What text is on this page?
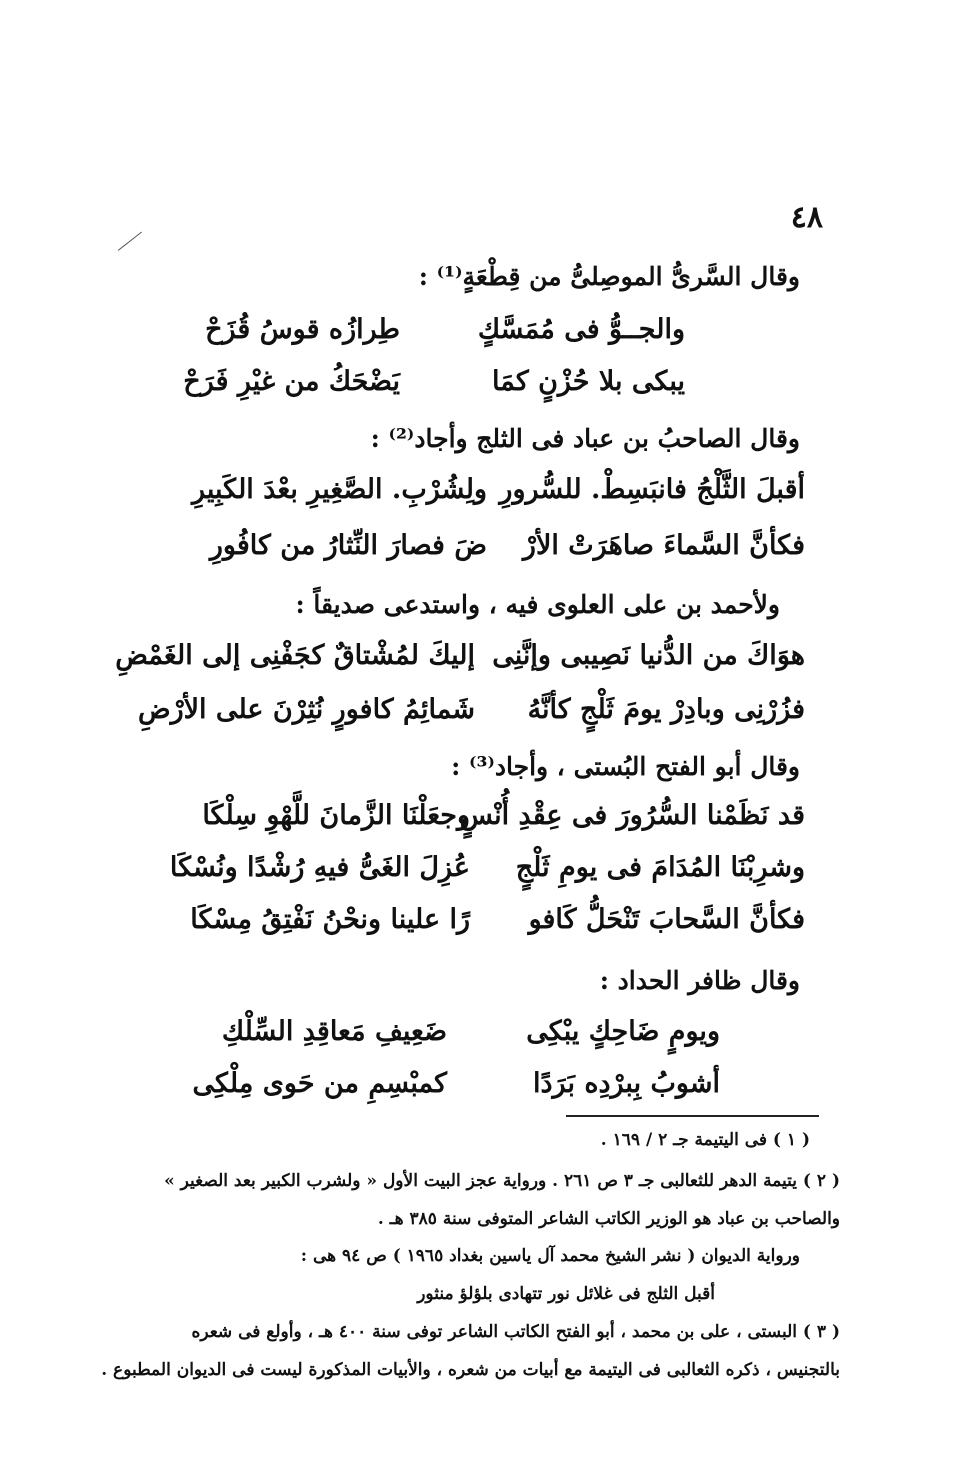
٤٨
وقال السَّرىُّ الموصِلىُّ من قِطْعَةٍ⁽¹⁾ :
والجــوُّ فى مُمَسَّكٍ
طِرازُه قوسُ قُزَحْ
يبكى بلا حُزْنٍ كمَا
يَضْحَكُ من غيْرِ فَرَحْ
وقال الصاحبُ بن عباد فى الثلج وأجاد⁽²⁾ :
أقبلَ الثَّلْجُ فانبَسِطْ. للسُّرورِ
ولِشُرْبِ. الصَّغِيرِ بعْدَ الكَبِيرِ
فكأنَّ السَّماءَ صاهَرَتْ الأرْ
ضَ فصارَ النِّثارُ من كافُورِ
ولأحمد بن على العلوى فيه ، واستدعى صديقاً :
هوَاكَ من الدُّنيا نَصِيبى وإنَّنِى
إليكَ لمُشْتاقٌ كجَفْنِى إلى الغَمْضِ
فزُرْنِى وبادِرْ يومَ ثَلْجٍ كأنَّهُ
شَمائِمُ كافورٍ نُثِرْنَ على الأرْضِ
وقال أبو الفتح البُستى ، وأجاد⁽³⁾ :
قد نَظَمْنا السُّرُورَ فى عِقْدِ أُنْسٍ
وجعَلْنَا الزَّمانَ للَّهْوِ سِلْكَا
وشرِبْنَا المُدَامَ فى يومِ ثَلْجٍ
عُزِلَ الغَىُّ فيهِ رُشْدًا ونُسْكَا
فكأنَّ السَّحابَ تَنْحَلُّ كَافو
رًا علينا ونحْنُ نَفْتِقُ مِسْكَا
وقال ظافر الحداد :
ويومٍ ضَاحِكٍ يبْكِى
ضَعِيفِ مَعاقِدِ السِّلْكِ
أشوبُ بِبرْدِه بَرَدًا
كمبْسِمِ من حَوى مِلْكِى
( ١ ) فى اليتيمة جـ ٢ / ١٦٩ .
( ٢ ) يتيمة الدهر للثعالبى جـ ٣ ص ٢٦١ . ورواية عجز البيت الأول « ولشرب الكبير بعد الصغير »
والصاحب بن عباد هو الوزير الكاتب الشاعر المتوفى سنة ٣٨٥ هـ .
ورواية الديوان ( نشر الشيخ محمد آل ياسين بغداد ١٩٦٥ ) ص ٩٤ هى :
أقبل الثلج فى غلائل نور تتهادى بلؤلؤ منثور
( ٣ ) البستى ، على بن محمد ، أبو الفتح الكاتب الشاعر توفى سنة ٤٠٠ هـ ، وأولع فى شعره
بالتجنيس ، ذكره الثعالبى فى اليتيمة مع أبيات من شعره ، والأبيات المذكورة ليست فى الديوان المطبوع .
